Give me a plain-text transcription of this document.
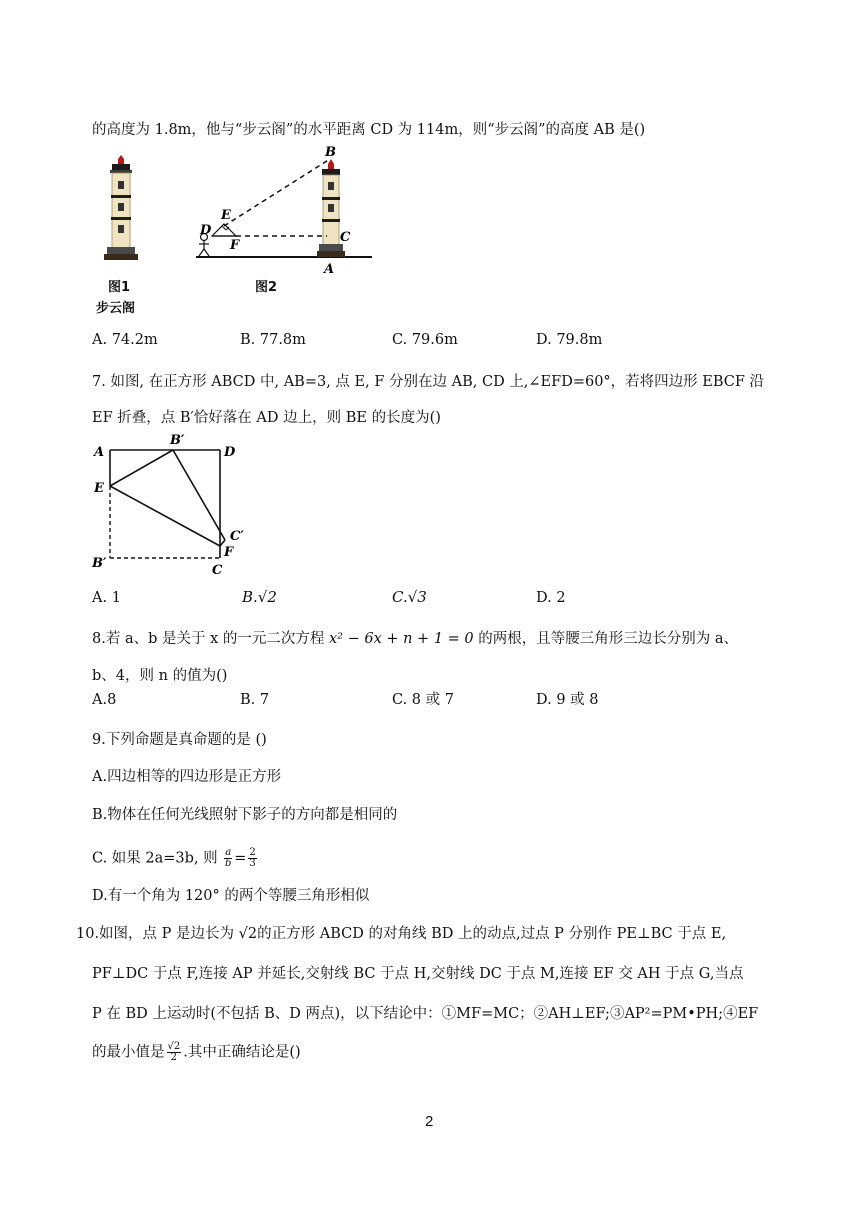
的高度为 1.8m，他与“步云阁”的水平距离 CD 为 114m，则“步云阁”的高度 AB 是()
图1
步云阁
B
E
D
F
C
A
图2
A. 74.2m	B. 77.8m	C. 79.6m	D. 79.8m
7. 如图, 在正方形 ABCD 中, AB=3, 点 E, F 分别在边 AB, CD 上,∠EFD=60°，若将四边形 EBCF 沿
EF 折叠，点 B′恰好落在 AD 边上，则 BE 的长度为()
A
B′
D
E
C′
F
B′	C
A. 1	B.√2	C.√3	D. 2
8.若 a、b 是关于 x 的一元二次方程 x² − 6x + n + 1 = 0 的两根，且等腰三角形三边长分别为 a、
b、4，则 n 的值为()
A.8	B. 7	C. 8 或 7	D. 9 或 8
9.下列命题是真命题的是 ()
A.四边相等的四边形是正方形
B.物体在任何光线照射下影子的方向都是相同的
C. 如果 2a=3b, 则 $\frac{a}{b} = \frac{2}{3}$
D.有一个角为 120° 的两个等腰三角形相似
10.如图，点 P 是边长为 √2的正方形 ABCD 的对角线 BD 上的动点,过点 P 分别作 PE⊥BC 于点 E,
PF⊥DC 于点 F,连接 AP 并延长,交射线 BC 于点 H,交射线 DC 于点 M,连接 EF 交 AH 于点 G,当点
P 在 BD 上运动时(不包括 B、D 两点)，以下结论中：①MF=MC；②AH⊥EF;③AP²=PM•PH;④EF
的最小值是 $\frac{√2}{2}$ .其中正确结论是()
2
